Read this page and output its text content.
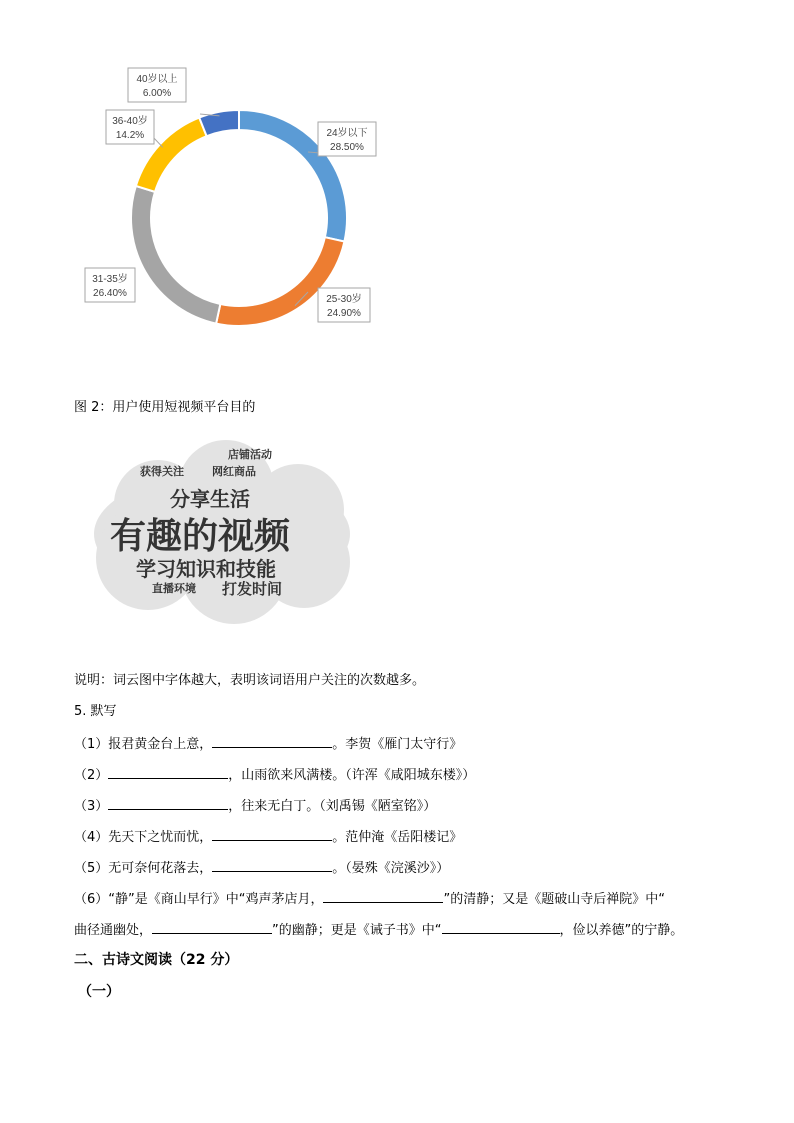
24岁以下
28.50%
25-30岁
24.90%
31-35岁
26.40%
36-40岁
14.2%
40岁以上
6.00%
图 2：用户使用短视频平台目的
店铺活动
获得关注	网红商品
分享生活
有趣的视频
学习知识和技能
直播环境 打发时间
说明：词云图中字体越大，表明该词语用户关注的次数越多。
5. 默写
（1）报君黄金台上意，	。李贺《雁门太守行》
（2）	，山雨欲来风满楼。（许浑《咸阳城东楼》）
（3）	，往来无白丁。（刘禹锡《陋室铭》）
（4）先天下之忧而忧，	。范仲淹《岳阳楼记》
（5）无可奈何花落去，	。（晏殊《浣溪沙》）
（6）“静”是《商山早行》中“鸡声茅店月，	”的清静；又是《题破山寺后禅院》中“
曲径通幽处，	”的幽静；更是《诫子书》中“	，俭以养德”的宁静。
二、古诗文阅读（22 分）
（一）
